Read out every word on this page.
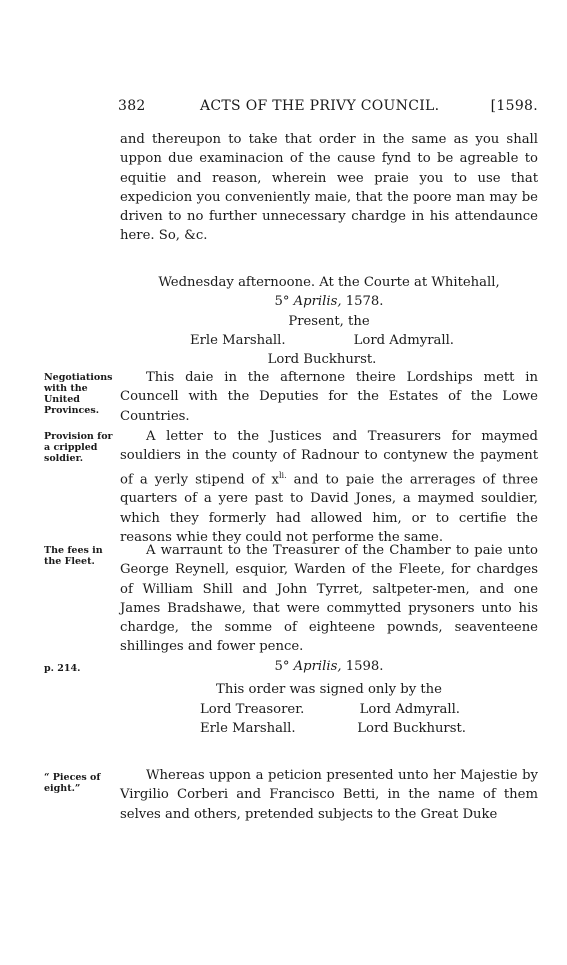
382	ACTS OF THE PRIVY COUNCIL.	[1598.

and thereupon to take that order in the same as you shall uppon due examinacion of the cause fynd to be agreable to equitie and reason, wherein wee praie you to use that expedicion you conveniently maie, that the poore man may be driven to no further unnecessary chardge in his attendaunce here. So, &c.

Wednesday afternoone. At the Courte at Whitehall,

5° Aprilis, 1578.

Present, the

Erle Marshall.	Lord Admyrall.

Lord Buckhurst.

Negotiations with the United Provinces.

This daie in the afternone theire Lordships mett in Councell with the Deputies for the Estates of the Lowe Countries.

Provision for a crippled soldier.

A letter to the Justices and Treasurers for maymed souldiers in the county of Radnour to contynew the payment of a yerly stipend of $x^{li.}$ and to paie the arrerages of three quarters of a yere past to David Jones, a maymed souldier, which they formerly had allowed him, or to certifie the reasons whie they could not performe the same.

The fees in the Fleet.

A warraunt to the Treasurer of the Chamber to paie unto George Reynell, esquior, Warden of the Fleete, for chardges of William Shill and John Tyrret, saltpeter-men, and one James Bradshawe, that were commytted prysoners unto his chardge, the somme of eighteene pownds, seaventeene shillinges and fower pence.

p. 214.	5° Aprilis, 1598.

This order was signed only by the

Lord Treasorer.	Lord Admyrall.
Erle Marshall.	Lord Buckhurst.
“ Pieces of eight.”

Whereas uppon a peticion presented unto her Majestie by Virgilio Corberi and Francisco Betti, in the name of them selves and others, pretended subjects to the Great Duke
